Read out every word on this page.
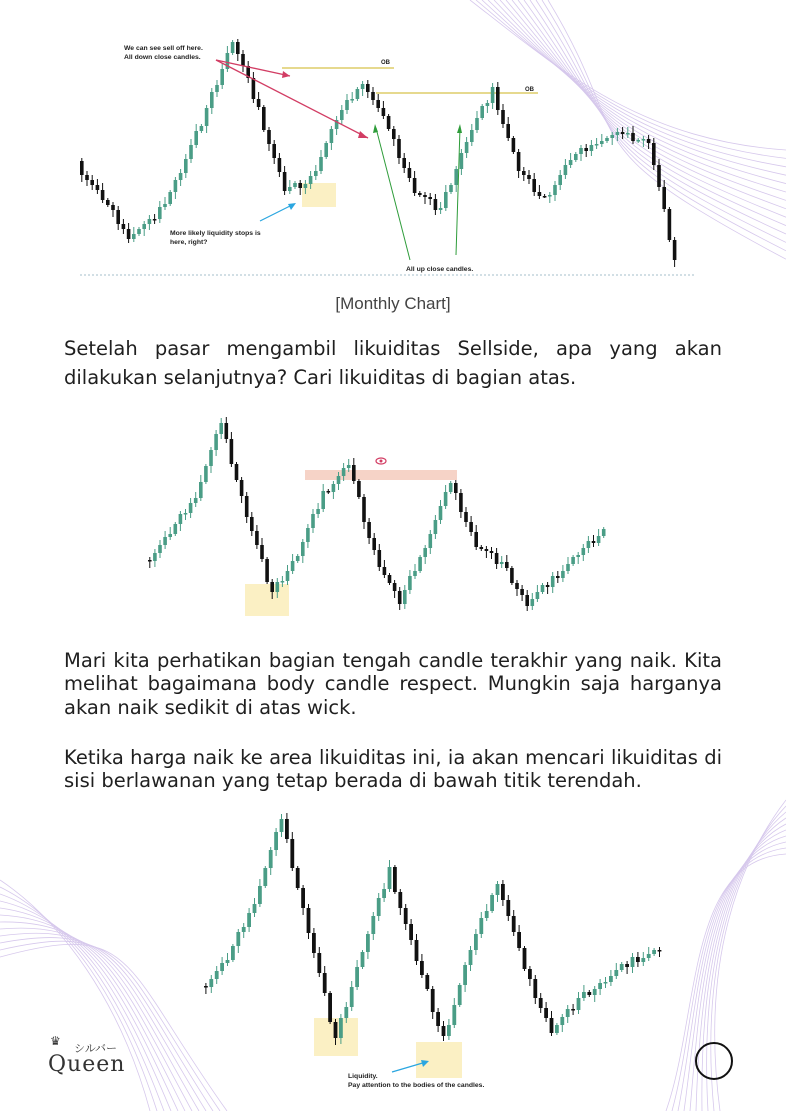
OB
OB
We can see sell off here. All down close candles.
More likely liquidity stops is here, right?
All up close candles.
[Monthly Chart]

Setelah pasar mengambil likuiditas Sellside, apa yang akan dilakukan selanjutnya? Cari likuiditas di bagian atas.

Mari kita perhatikan bagian tengah candle terakhir yang naik. Kita melihat bagaimana body candle respect. Mungkin saja harganya akan naik sedikit di atas wick.

Ketika harga naik ke area likuiditas ini, ia akan mencari likuiditas di sisi berlawanan yang tetap berada di bawah titik terendah.

Liquidity. Pay attention to the bodies of the candles.
♛
シルバー
Queen
